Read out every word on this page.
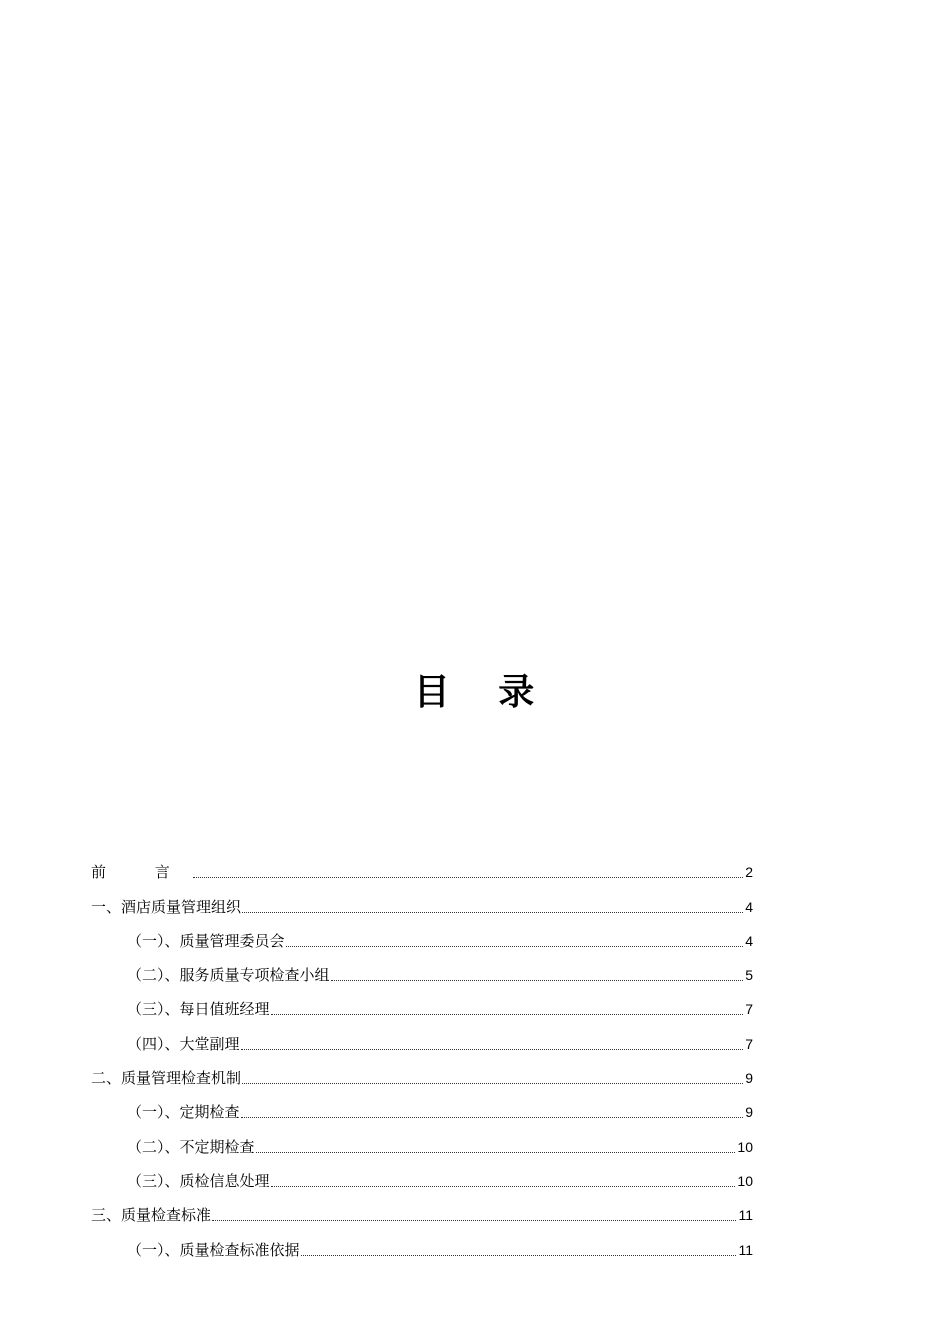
目 录
前 言	2
一、酒店质量管理组织	4
（一）、质量管理委员会	4
（二）、服务质量专项检查小组	5
（三）、每日值班经理	7
（四）、大堂副理	7
二、质量管理检查机制	9
（一）、定期检查	9
（二）、不定期检查	10
（三）、质检信息处理	10
三、质量检查标准	11
（一）、质量检查标准依据	11
